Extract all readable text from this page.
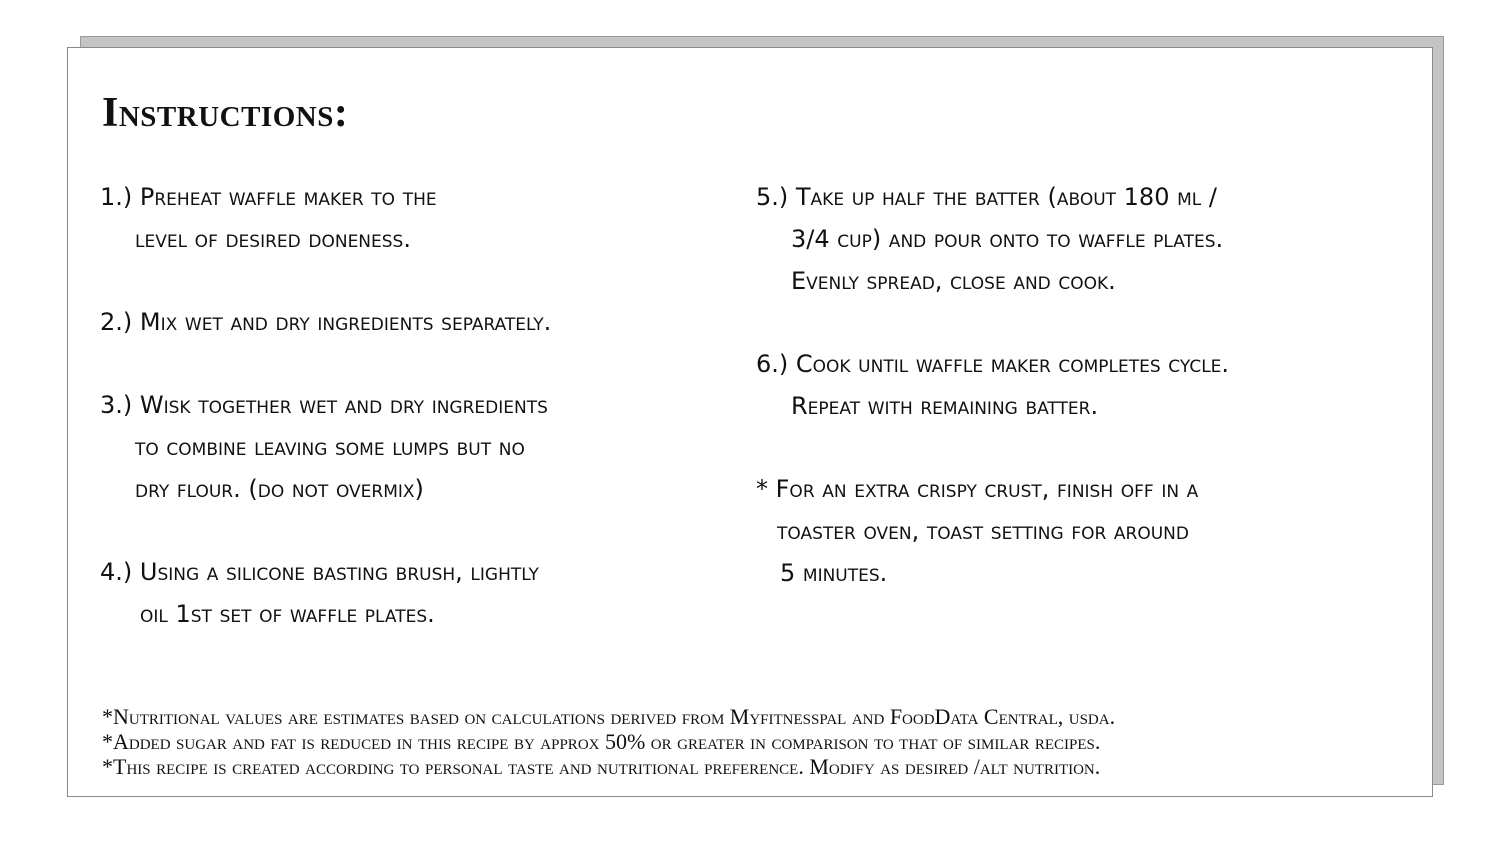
Instructions:
1.) Preheat waffle maker to the
level of desired doneness.
2.) Mix wet and dry ingredients separately.
3.) Wisk together wet and dry ingredients
to combine leaving some lumps but no
dry flour. (do not overmix)
4.) Using a silicone basting brush, lightly
oil 1st set of waffle plates.
5.) Take up half the batter (about 180 ml /
3/4 cup) and pour onto to waffle plates.
Evenly spread, close and cook.
6.) Cook until waffle maker completes cycle.
Repeat with remaining batter.
* For an extra crispy crust, finish off in a
toaster oven, toast setting for around
5 minutes.
*Nutritional values are estimates based on calculations derived from Myfitnesspal and FoodData Central, usda.
*Added sugar and fat is reduced in this recipe by approx 50% or greater in comparison to that of similar recipes.
*This recipe is created according to personal taste and nutritional preference. Modify as desired /alt nutrition.
